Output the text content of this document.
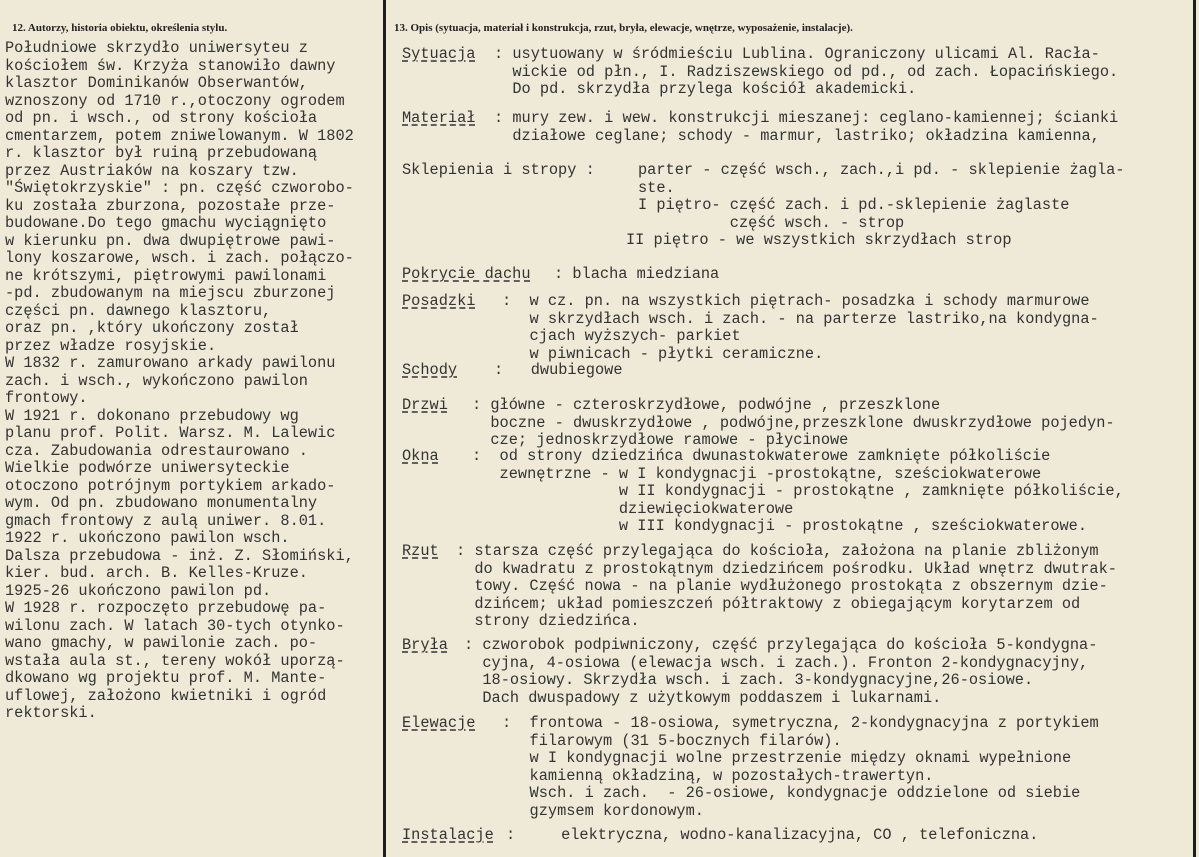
12. Autorzy, historia obiektu, określenia stylu.	13. Opis (sytuacja, materiał i konstrukcja, rzut, bryła, elewacje, wnętrze, wyposażenie, instalacje).
Południowe skrzydło uniwersyteu z
kościołem św. Krzyża stanowiło dawny
klasztor Dominikanów Obserwantów,
wznoszony od 1710 r.,otoczony ogrodem
od pn. i wsch., od strony kościoła
cmentarzem, potem zniwelowanym. W 1802
r. klasztor był ruiną przebudowaną
przez Austriaków na koszary tzw.
"Świętokrzyskie" : pn. część czworobo-
ku została zburzona, pozostałe prze-
budowane.Do tego gmachu wyciągnięto
w kierunku pn. dwa dwupiętrowe pawi-
lony koszarowe, wsch. i zach. połączo-
ne krótszymi, piętrowymi pawilonami
-pd. zbudowanym na miejscu zburzonej
części pn. dawnego klasztoru,
oraz pn. ,który ukończony został
przez władze rosyjskie.
W 1832 r. zamurowano arkady pawilonu
zach. i wsch., wykończono pawilon
frontowy.
W 1921 r. dokonano przebudowy wg
planu prof. Polit. Warsz. M. Lalewic
cza. Zabudowania odrestaurowano .
Wielkie podwórze uniwersyteckie
otoczono potrójnym portykiem arkado-
wym. Od pn. zbudowano monumentalny
gmach frontowy z aulą uniwer. 8.01.
1922 r. ukończono pawilon wsch.
Dalsza przebudowa - inż. Z. Słomiński,
kier. bud. arch. B. Kelles-Kruze.
1925-26 ukończono pawilon pd.
W 1928 r. rozpoczęto przebudowę pa-
wilonu zach. W latach 30-tych otynko-
wano gmachy, w pawilonie zach. po-
wstała aula st., tereny wokół uporzą-
dkowano wg projektu prof. M. Mante-
uflowej, założono kwietniki i ogród
rektorski.
Sytuacja : usytuowany w śródmieściu Lublina. Ograniczony ulicami Al. Racła-
wickie od płn., I. Radziszewskiego od pd., od zach. Łopacińskiego.
Do pd. skrzydła przylega kościół akademicki.
Materiał : mury zew. i wew. konstrukcji mieszanej: ceglano-kamiennej; ścianki
działowe ceglane; schody - marmur, lastriko; okładzina kamienna,
Sklepienia i stropy :	parter - część wsch., zach.,i pd. - sklepienie żagla-
ste.
I piętro- część zach. i pd.-sklepienie żaglaste
część wsch. - strop
II piętro - we wszystkich skrzydłach strop
Pokrycie dachu : blacha miedziana
Posadzki :  w cz. pn. na wszystkich piętrach- posadzka i schody marmurowe
w skrzydłach wsch. i zach. - na parterze lastriko,na kondygna-
cjach wyższych- parkiet
w piwnicach - płytki ceramiczne.
Schody :   dwubiegowe
Drzwi : główne - czteroskrzydłowe, podwójne , przeszklone
boczne - dwuskrzydłowe , podwójne,przeszklone dwuskrzydłowe pojedyn-
cze; jednoskrzydłowe ramowe - płycinowe
Okna :  od strony dziedzińca dwunastokwaterowe zamknięte półkoliście
zewnętrzne - w I kondygnacji -prostokątne, sześciokwaterowe
w II kondygnacji - prostokątne , zamknięte półkoliście,
dziewięciokwaterowe
w III kondygnacji - prostokątne , sześciokwaterowe.
Rzut : starsza część przylegająca do kościoła, założona na planie zbliżonym
do kwadratu z prostokątnym dziedzińcem pośrodku. Układ wnętrz dwutrak-
towy. Część nowa - na planie wydłużonego prostokąta z obszernym dzie-
dzińcem; układ pomieszczeń półtraktowy z obiegającym korytarzem od
strony dziedzińca.
Bryła : czworobok podpiwniczony, część przylegająca do kościoła 5-kondygna-
cyjna, 4-osiowa (elewacja wsch. i zach.). Fronton 2-kondygnacyjny,
18-osiowy. Skrzydła wsch. i zach. 3-kondygnacyjne,26-osiowe.
Dach dwuspadowy z użytkowym poddaszem i lukarnami.
Elewacje :  frontowa - 18-osiowa, symetryczna, 2-kondygnacyjna z portykiem
filarowym (31 5-bocznych filarów).
w I kondygnacji wolne przestrzenie między oknami wypełnione
kamienną okładziną, w pozostałych-trawertyn.
Wsch. i zach.  - 26-osiowe, kondygnacje oddzielone od siebie
gzymsem kordonowym.
Instalacje :     elektryczna, wodno-kanalizacyjna, CO , telefoniczna.
